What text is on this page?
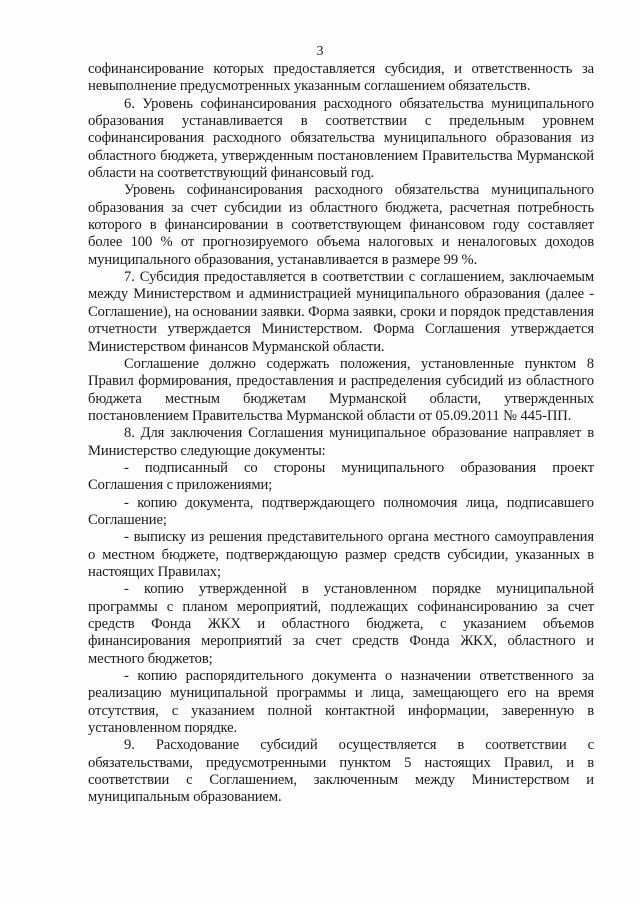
3

софинансирование которых предоставляется субсидия, и ответственность за невыполнение предусмотренных указанным соглашением обязательств.

6. Уровень софинансирования расходного обязательства муниципального образования устанавливается в соответствии с предельным уровнем софинансирования расходного обязательства муниципального образования из областного бюджета, утвержденным постановлением Правительства Мурманской области на соответствующий финансовый год.

Уровень софинансирования расходного обязательства муниципального образования за счет субсидии из областного бюджета, расчетная потребность которого в финансировании в соответствующем финансовом году составляет более 100 % от прогнозируемого объема налоговых и неналоговых доходов муниципального образования, устанавливается в размере 99 %.

7. Субсидия предоставляется в соответствии с соглашением, заключаемым между Министерством и администрацией муниципального образования (далее - Соглашение), на основании заявки. Форма заявки, сроки и порядок представления отчетности утверждается Министерством. Форма Соглашения утверждается Министерством финансов Мурманской области.

Соглашение должно содержать положения, установленные пунктом 8 Правил формирования, предоставления и распределения субсидий из областного бюджета местным бюджетам Мурманской области, утвержденных постановлением Правительства Мурманской области от 05.09.2011 № 445-ПП.

8. Для заключения Соглашения муниципальное образование направляет в Министерство следующие документы:

- подписанный со стороны муниципального образования проект Соглашения с приложениями;

- копию документа, подтверждающего полномочия лица, подписавшего Соглашение;

- выписку из решения представительного органа местного самоуправления о местном бюджете, подтверждающую размер средств субсидии, указанных в настоящих Правилах;

- копию утвержденной в установленном порядке муниципальной программы с планом мероприятий, подлежащих софинансированию за счет средств Фонда ЖКХ и областного бюджета, с указанием объемов финансирования мероприятий за счет средств Фонда ЖКХ, областного и местного бюджетов;

- копию распорядительного документа о назначении ответственного за реализацию муниципальной программы и лица, замещающего его на время отсутствия, с указанием полной контактной информации, заверенную в установленном порядке.

9. Расходование субсидий осуществляется в соответствии с обязательствами, предусмотренными пунктом 5 настоящих Правил, и в соответствии с Соглашением, заключенным между Министерством и муниципальным образованием.
